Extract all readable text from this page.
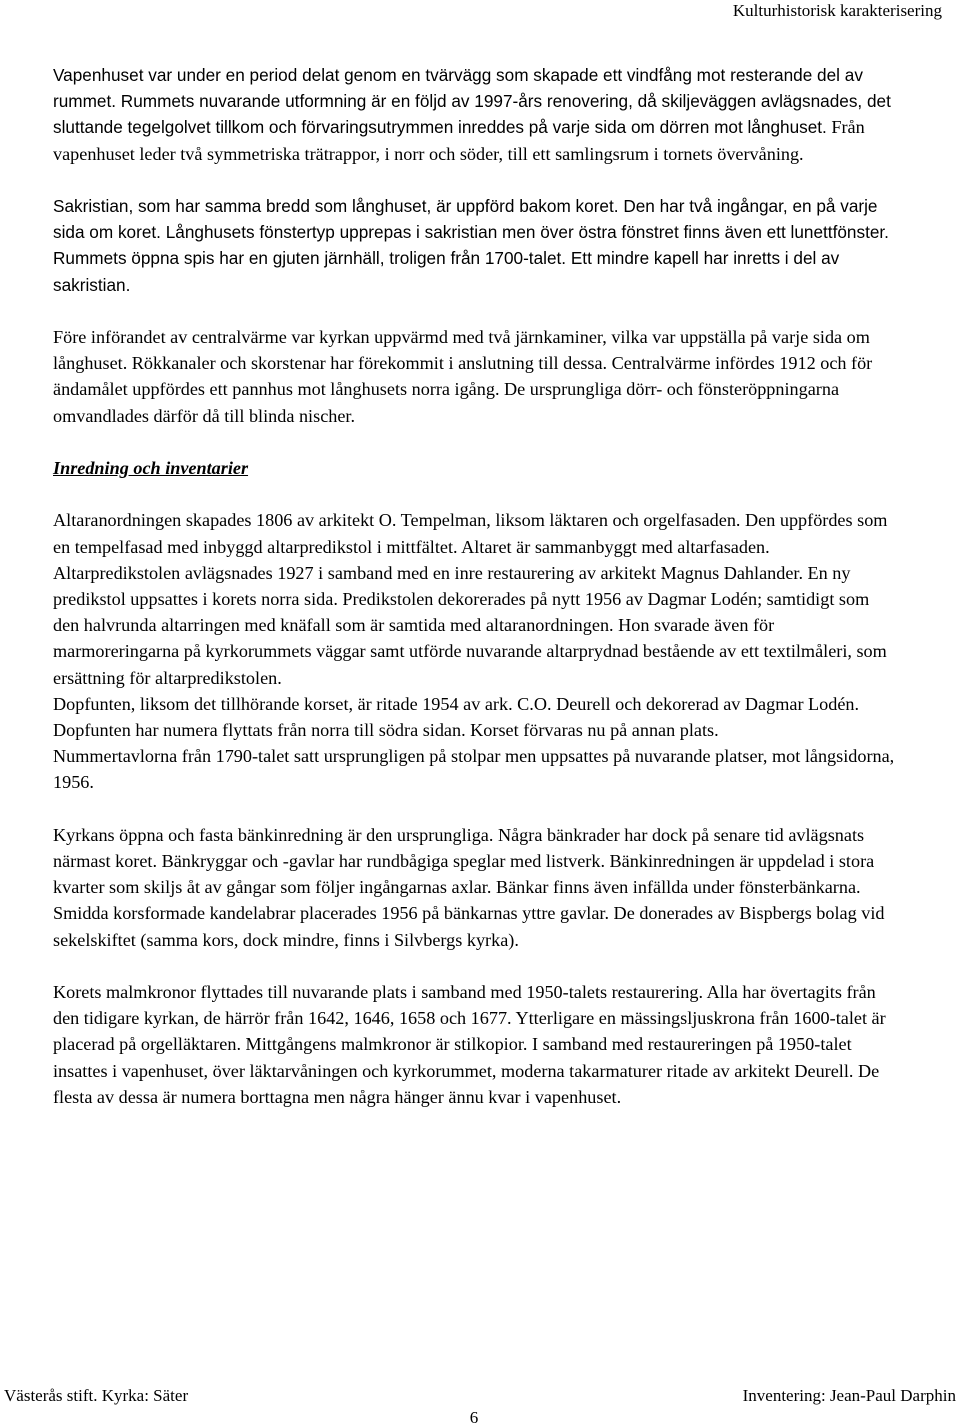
Kulturhistorisk karakterisering

Vapenhuset var under en period delat genom en tvärvägg som skapade ett vindfång mot resterande del av rummet. Rummets nuvarande utformning är en följd av 1997-års renovering, då skiljeväggen avlägsnades, det sluttande tegelgolvet tillkom och förvaringsutrymmen inreddes på varje sida om dörren mot långhuset. Från vapenhuset leder två symmetriska trätrappor, i norr och söder, till ett samlingsrum i tornets övervåning.

Sakristian, som har samma bredd som långhuset, är uppförd bakom koret. Den har två ingångar, en på varje sida om koret. Långhusets fönstertyp upprepas i sakristian men över östra fönstret finns även ett lunettfönster. Rummets öppna spis har en gjuten järnhäll, troligen från 1700-talet. Ett mindre kapell har inretts i del av sakristian.

Före införandet av centralvärme var kyrkan uppvärmd med två järnkaminer, vilka var uppställa på varje sida om långhuset. Rökkanaler och skorstenar har förekommit i anslutning till dessa. Centralvärme infördes 1912 och för ändamålet uppfördes ett pannhus mot långhusets norra igång. De ursprungliga dörr- och fönsteröppningarna omvandlades därför då till blinda nischer.

Inredning och inventarier

Altaranordningen skapades 1806 av arkitekt O. Tempelman, liksom läktaren och orgelfasaden. Den uppfördes som en tempelfasad med inbyggd altarpredikstol i mittfältet. Altaret är sammanbyggt med altarfasaden.

Altarpredikstolen avlägsnades 1927 i samband med en inre restaurering av arkitekt Magnus Dahlander. En ny predikstol uppsattes i korets norra sida. Predikstolen dekorerades på nytt 1956 av Dagmar Lodén; samtidigt som den halvrunda altarringen med knäfall som är samtida med altaranordningen. Hon svarade även för marmoreringarna på kyrkorummets väggar samt utförde nuvarande altarprydnad bestående av ett textilmåleri, som ersättning för altarpredikstolen.

Dopfunten, liksom det tillhörande korset, är ritade 1954 av ark. C.O. Deurell och dekorerad av Dagmar Lodén. Dopfunten har numera flyttats från norra till södra sidan. Korset förvaras nu på annan plats.

Nummertavlorna från 1790-talet satt ursprungligen på stolpar men uppsattes på nuvarande platser, mot långsidorna, 1956.

Kyrkans öppna och fasta bänkinredning är den ursprungliga. Några bänkrader har dock på senare tid avlägsnats närmast koret. Bänkryggar och -gavlar har rundbågiga speglar med listverk. Bänkinredningen är uppdelad i stora kvarter som skiljs åt av gångar som följer ingångarnas axlar. Bänkar finns även infällda under fönsterbänkarna. Smidda korsformade kandelabrar placerades 1956 på bänkarnas yttre gavlar. De donerades av Bispbergs bolag vid sekelskiftet (samma kors, dock mindre, finns i Silvbergs kyrka).

Korets malmkronor flyttades till nuvarande plats i samband med 1950-talets restaurering. Alla har övertagits från den tidigare kyrkan, de härrör från 1642, 1646, 1658 och 1677. Ytterligare en mässingsljuskrona från 1600-talet är placerad på orgelläktaren. Mittgångens malmkronor är stilkopior. I samband med restaureringen på 1950-talet insattes i vapenhuset, över läktarvåningen och kyrkorummet, moderna takarmaturer ritade av arkitekt Deurell. De flesta av dessa är numera borttagna men några hänger ännu kvar i vapenhuset.

Västerås stift. Kyrka: Säter	Inventering: Jean-Paul Darphin
6
